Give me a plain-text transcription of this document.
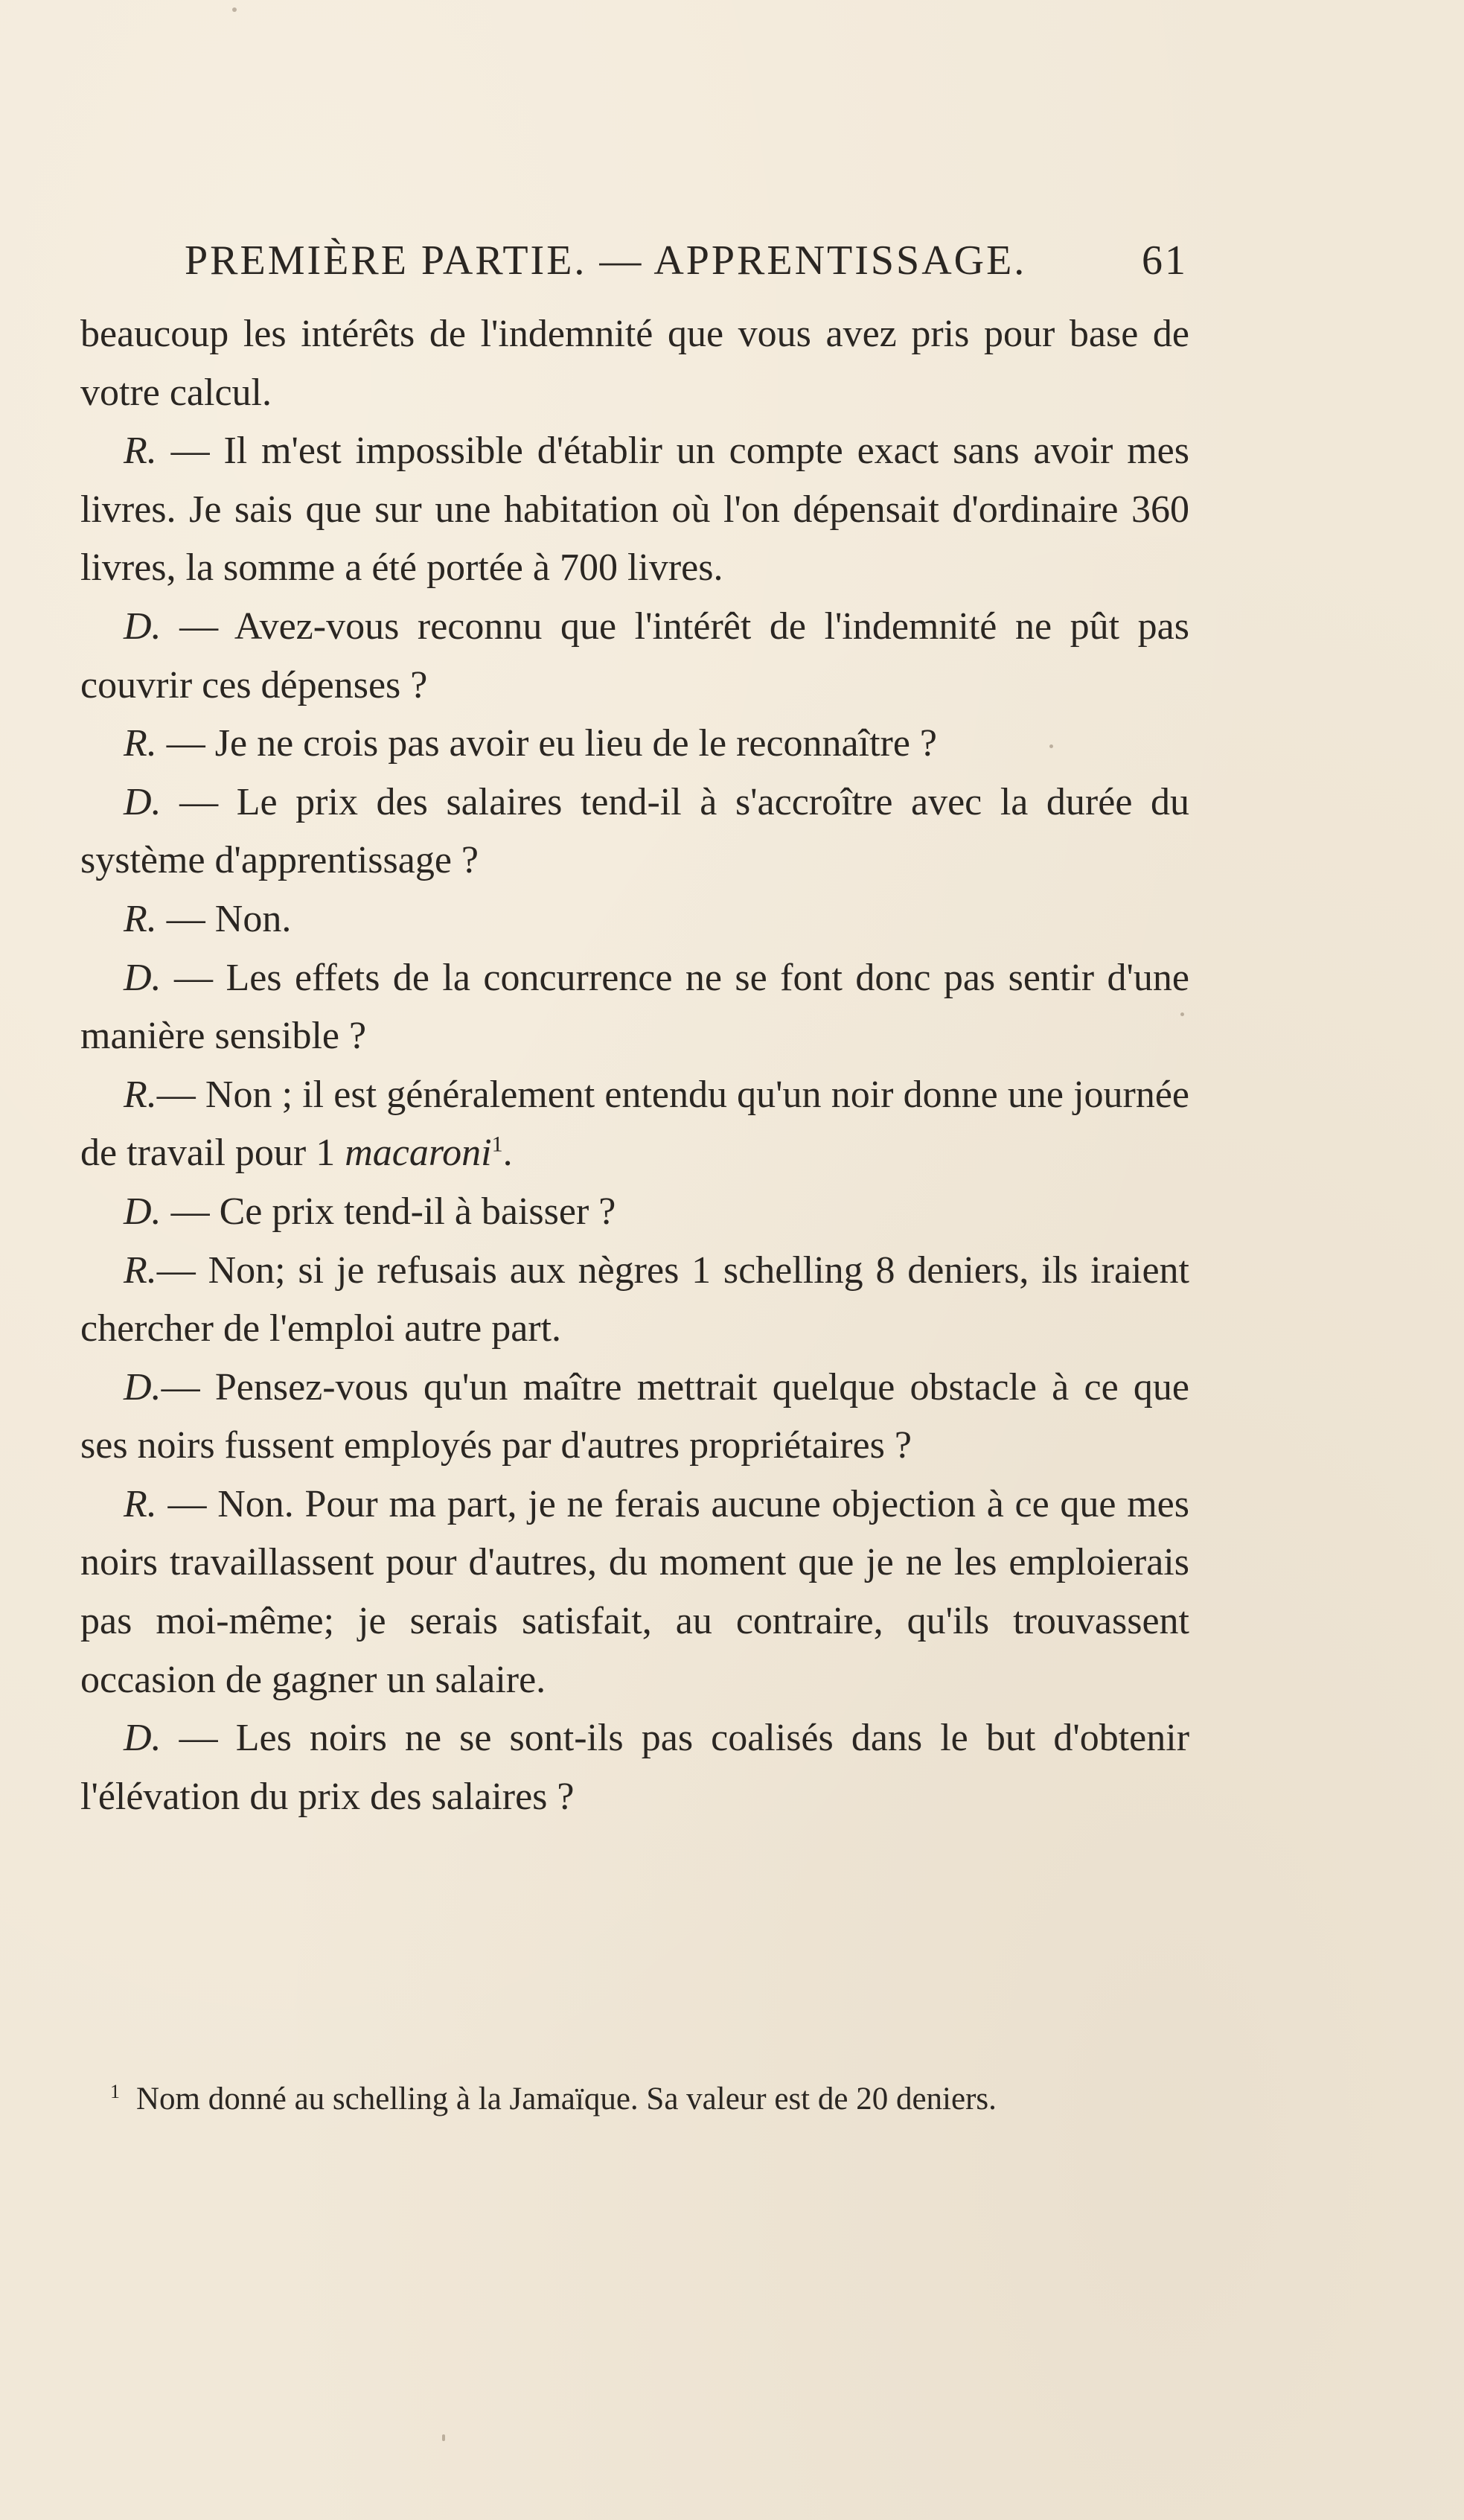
PREMIÈRE PARTIE. — APPRENTISSAGE.	61

beaucoup les intérêts de l'indemnité que vous avez pris pour base de votre calcul.

R. — Il m'est impossible d'établir un compte exact sans avoir mes livres. Je sais que sur une habitation où l'on dépensait d'ordinaire 360 livres, la somme a été portée à 700 livres.

D. — Avez-vous reconnu que l'intérêt de l'indemnité ne pût pas couvrir ces dépenses ?

R. — Je ne crois pas avoir eu lieu de le reconnaître ?

D. — Le prix des salaires tend-il à s'accroître avec la durée du système d'apprentissage ?

R. — Non.

D. — Les effets de la concurrence ne se font donc pas sentir d'une manière sensible ?

R.— Non ; il est généralement entendu qu'un noir donne une journée de travail pour 1 macaroni$^1$.

D. — Ce prix tend-il à baisser ?

R.— Non; si je refusais aux nègres 1 schelling 8 deniers, ils iraient chercher de l'emploi autre part.

D.— Pensez-vous qu'un maître mettrait quelque obstacle à ce que ses noirs fussent employés par d'autres propriétaires ?

R. — Non. Pour ma part, je ne ferais aucune objection à ce que mes noirs travaillassent pour d'autres, du moment que je ne les emploierais pas moi-même; je serais satisfait, au contraire, qu'ils trouvassent occasion de gagner un salaire.

D. — Les noirs ne se sont-ils pas coalisés dans le but d'obtenir l'élévation du prix des salaires ?

$^1$ Nom donné au schelling à la Jamaïque. Sa valeur est de 20 deniers.
